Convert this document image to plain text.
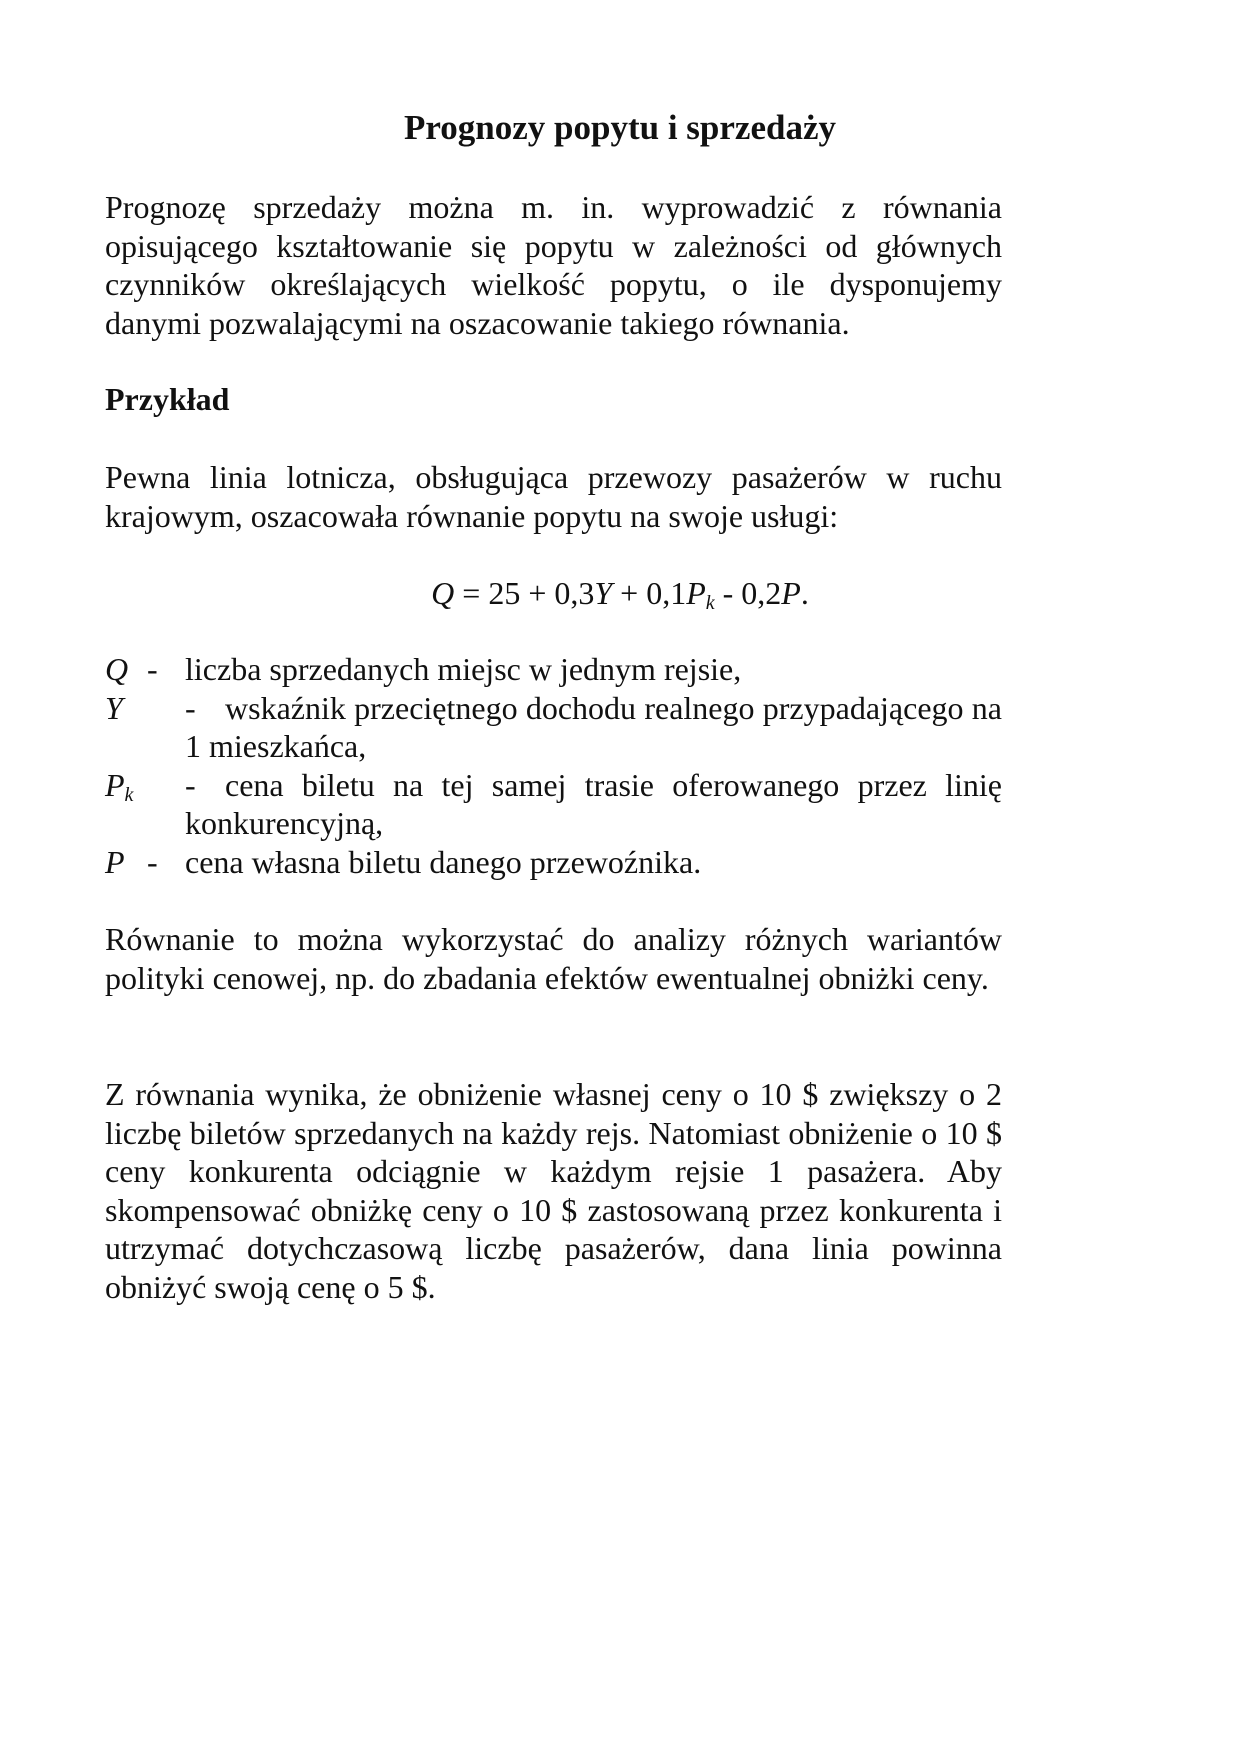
Prognozy popytu i sprzedaży
Prognozę sprzedaży można m. in. wyprowadzić z równania opisującego kształtowanie się popytu w zależności od głównych czynników określających wielkość popytu, o ile dysponujemy danymi pozwalającymi na oszacowanie takiego równania.
Przykład
Pewna linia lotnicza, obsługująca przewozy pasażerów w ruchu krajowym, oszacowała równanie popytu na swoje usługi:
$Q = 25 + 0,3Y + 0,1P_k - 0,2P$.
Q - liczba sprzedanych miejsc w jednym rejsie,
Y	- wskaźnik przeciętnego dochodu realnego przypadającego na 1 mieszkańca,
$P_k$	- cena biletu na tej samej trasie oferowanego przez linię konkurencyjną,
P - cena własna biletu danego przewoźnika.
Równanie to można wykorzystać do analizy różnych wariantów polityki cenowej, np. do zbadania efektów ewentualnej obniżki ceny.
Z równania wynika, że obniżenie własnej ceny o 10 $ zwiększy o 2 liczbę biletów sprzedanych na każdy rejs. Natomiast obniżenie o 10 $ ceny konkurenta odciągnie w każdym rejsie 1 pasażera. Aby skompensować obniżkę ceny o 10 $ zastosowaną przez konkurenta i utrzymać dotychczasową liczbę pasażerów, dana linia powinna obniżyć swoją cenę o 5 $.
